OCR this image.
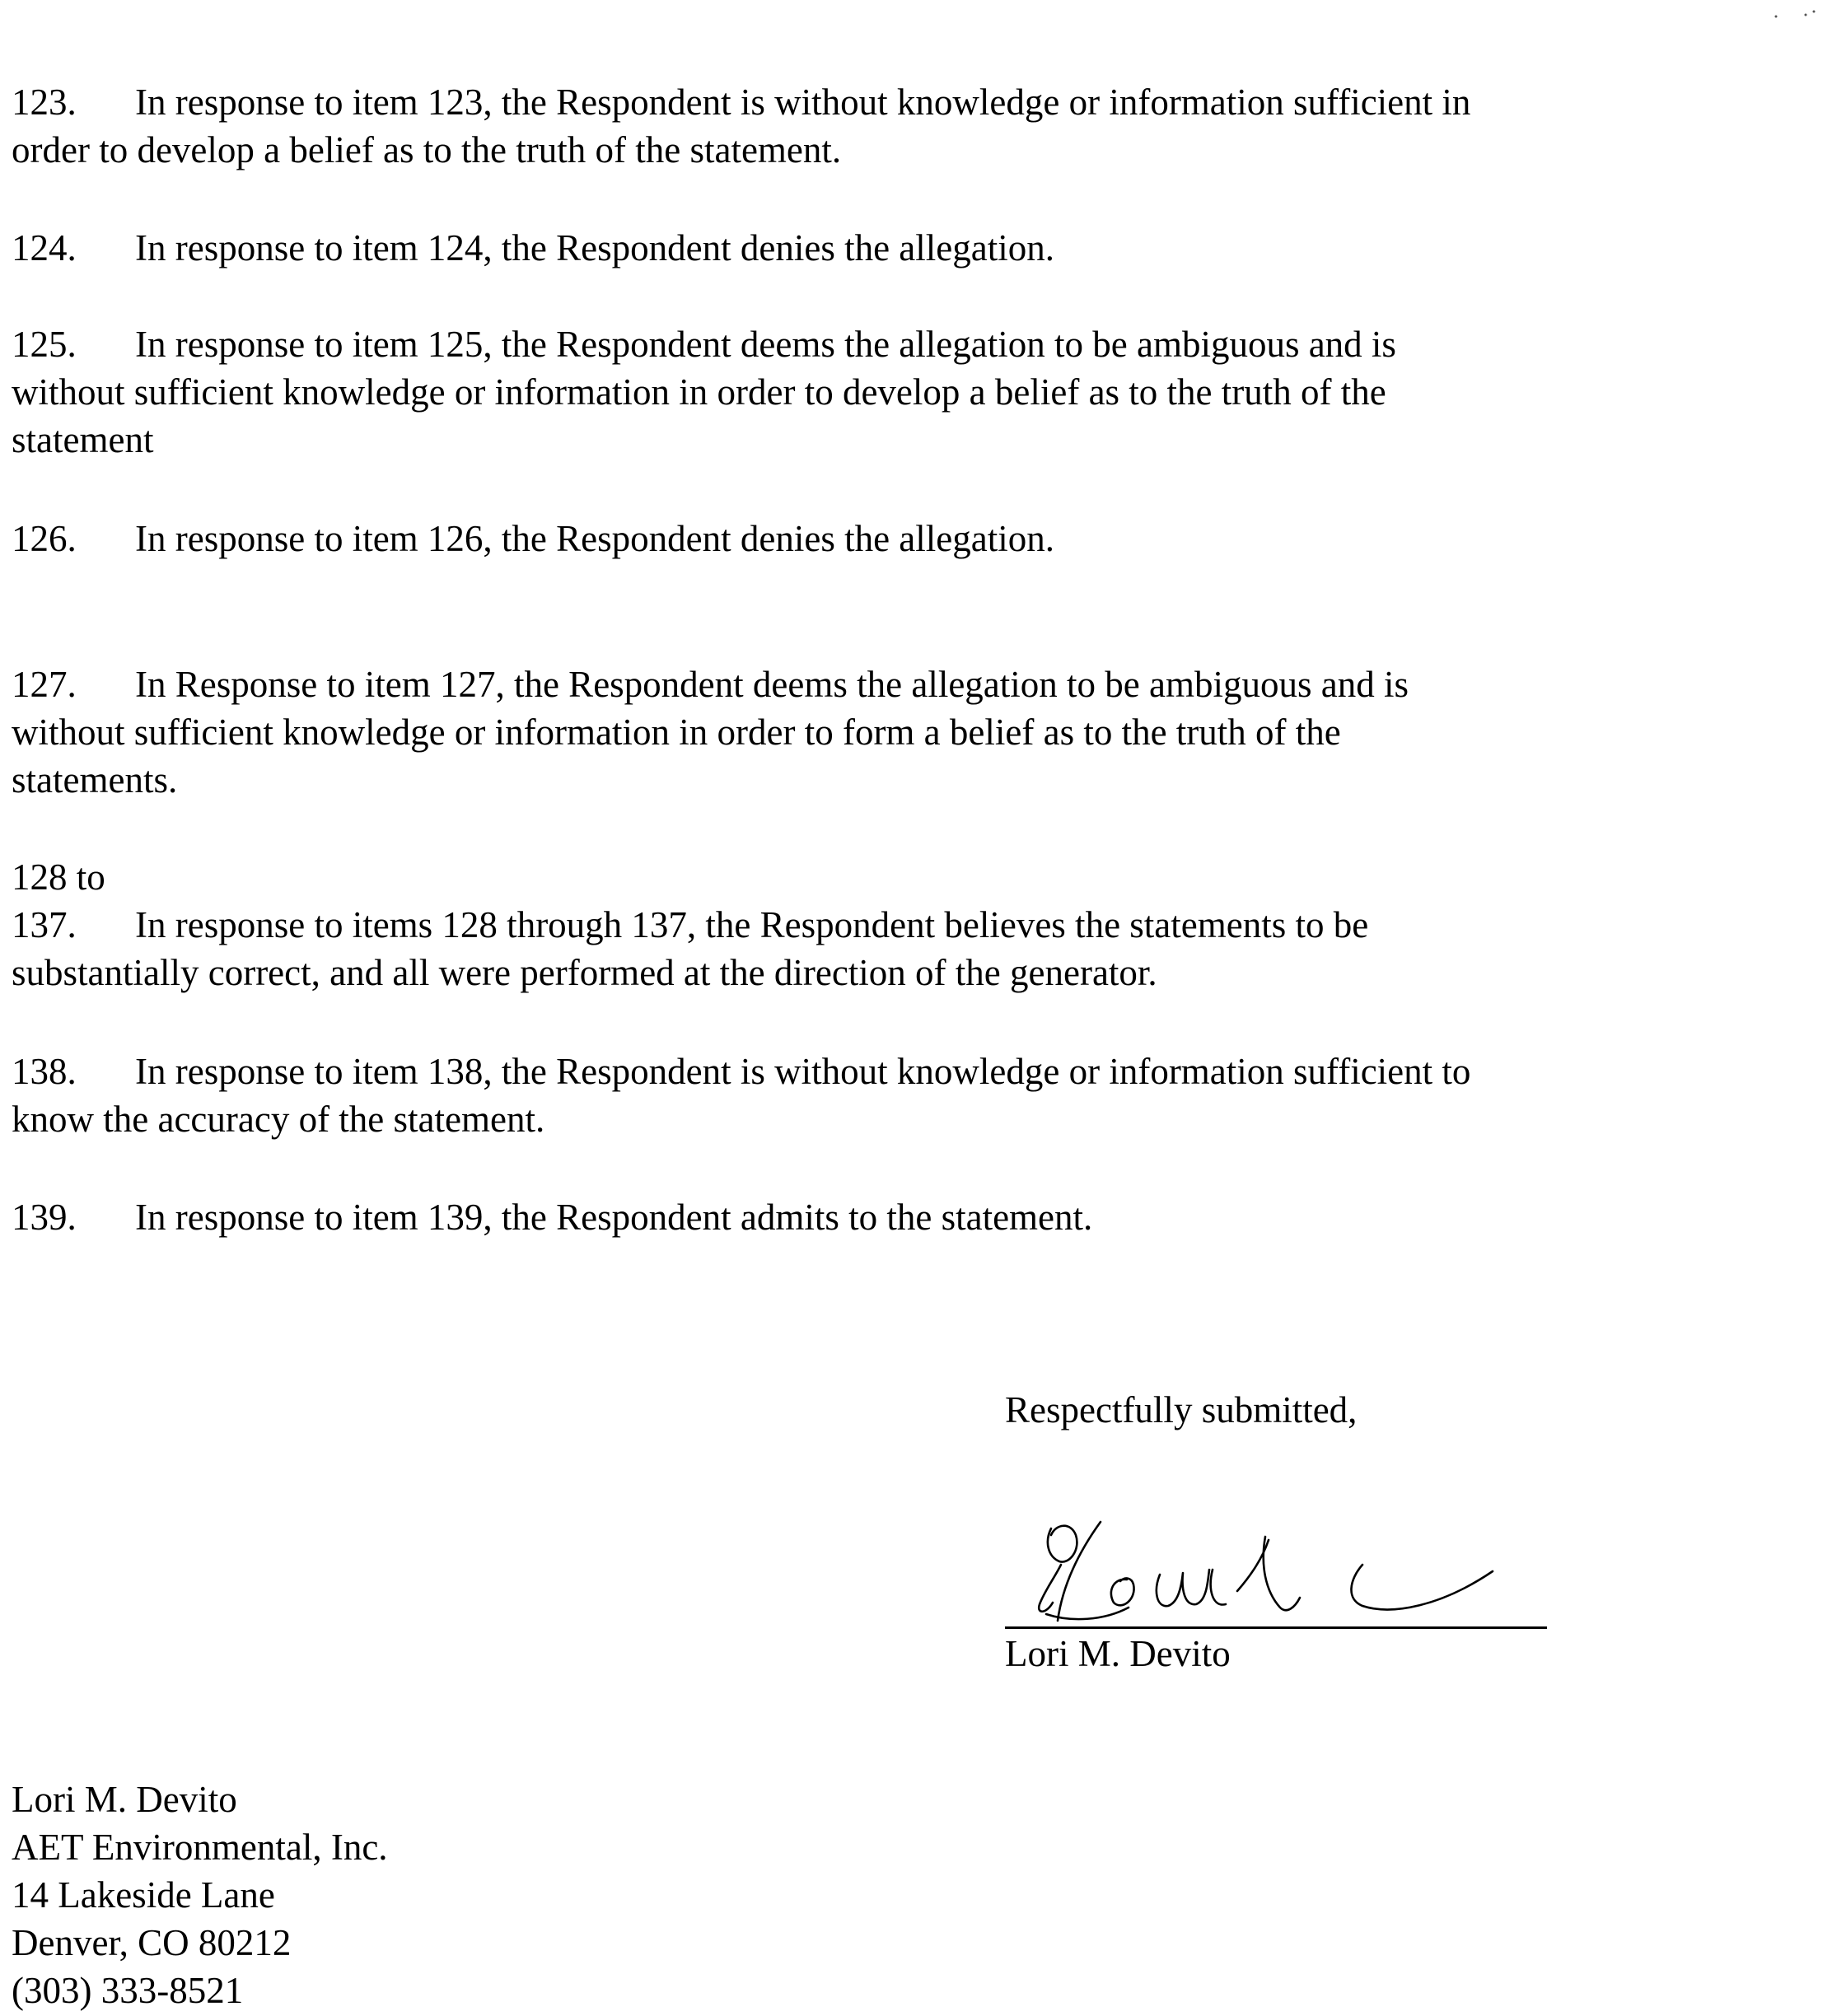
123. In response to item 123, the Respondent is without knowledge or information sufficient in
order to develop a belief as to the truth of the statement.

124. In response to item 124, the Respondent denies the allegation.

125. In response to item 125, the Respondent deems the allegation to be ambiguous and is
without sufficient knowledge or information in order to develop a belief as to the truth of the
statement

126. In response to item 126, the Respondent denies the allegation.

127. In Response to item 127, the Respondent deems the allegation to be ambiguous and is
without sufficient knowledge or information in order to form a belief as to the truth of the
statements.

128 to
137. In response to items 128 through 137, the Respondent believes the statements to be
substantially correct, and all were performed at the direction of the generator.

138. In response to item 138, the Respondent is without knowledge or information sufficient to
know the accuracy of the statement.

139. In response to item 139, the Respondent admits to the statement.

Respectfully submitted,
Lori M. Devito
Lori M. Devito
AET Environmental, Inc.
14 Lakeside Lane
Denver, CO 80212
(303) 333-8521
